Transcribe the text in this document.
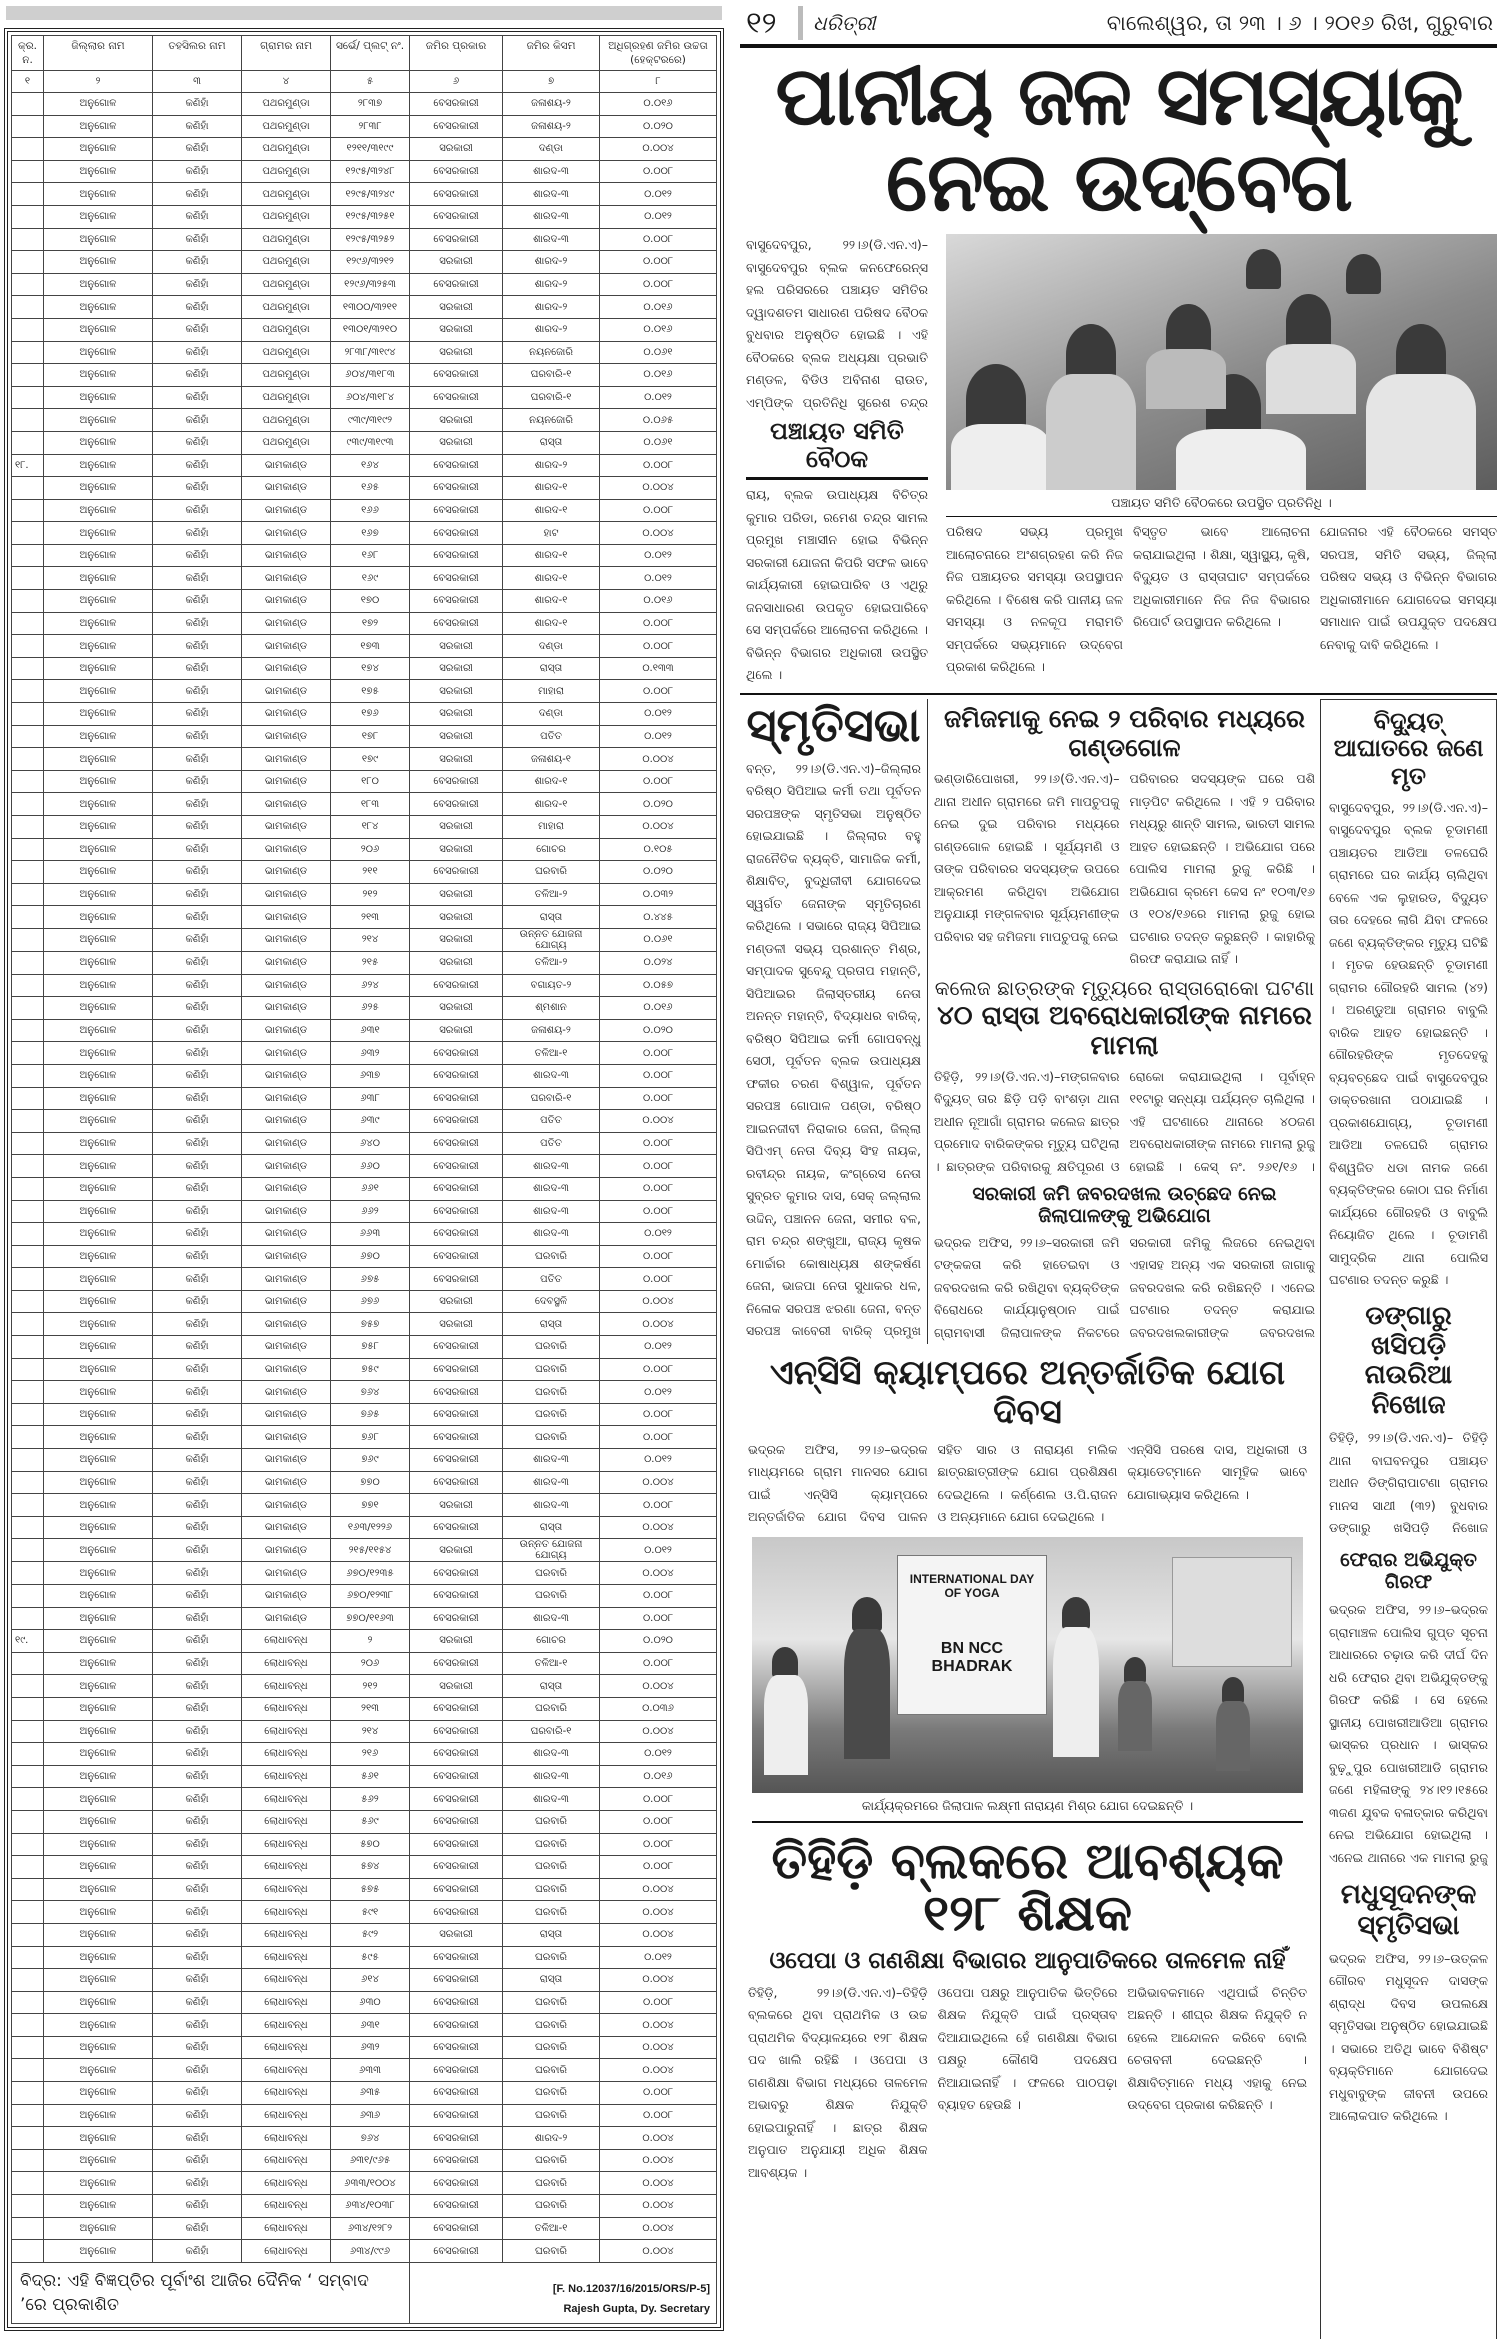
କ୍ର. ନ.	ଜିଲ୍ଲାର ନାମ	ତହସିଲର ନାମ	ଗ୍ରାମର ନାମ	ସର୍ଭେ/ ପ୍ଲଟ୍ ନଂ.	ଜମିର ପ୍ରକାର	ଜମିର କିସମ	ଅଧିଗ୍ରହଣ ଜମିର ଉଚ୍ଚତା (ହେକ୍ଟରରେ)
୧	୨	୩	୪	୫	୬	୭	୮
	ଅନୁଗୋଳ	କଣିହାଁ	ପଥରମୁଣ୍ଡା	୨୮୩୭	ବେସରକାରୀ	ଜଳାଶୟ-୨	୦.୦୧୬
	ଅନୁଗୋଳ	କଣିହାଁ	ପଥରମୁଣ୍ଡା	୨୮୩୮	ବେସରକାରୀ	ଜଳାଶୟ-୨	୦.୦୨୦
	ଅନୁଗୋଳ	କଣିହାଁ	ପଥରମୁଣ୍ଡା	୧୨୧୧/୩୧୯୯	ସରକାରୀ	ଦଣ୍ଡା	୦.୦୦୪
	ଅନୁଗୋଳ	କଣିହାଁ	ପଥରମୁଣ୍ଡା	୧୨୯୫/୩୨୪୮	ବେସରକାରୀ	ଶାରଦ-୩	୦.୦୦୮
	ଅନୁଗୋଳ	କଣିହାଁ	ପଥରମୁଣ୍ଡା	୧୨୯୫/୩୨୪୯	ବେସରକାରୀ	ଶାରଦ-୩	୦.୦୧୨
	ଅନୁଗୋଳ	କଣିହାଁ	ପଥରମୁଣ୍ଡା	୧୨୯୫/୩୨୫୧	ବେସରକାରୀ	ଶାରଦ-୩	୦.୦୧୨
	ଅନୁଗୋଳ	କଣିହାଁ	ପଥରମୁଣ୍ଡା	୧୨୯୫/୩୨୫୨	ବେସରକାରୀ	ଶାରଦ-୩	୦.୦୦୮
	ଅନୁଗୋଳ	କଣିହାଁ	ପଥରମୁଣ୍ଡା	୧୨୯୬/୩୨୧୨	ସରକାରୀ	ଶାରଦ-୨	୦.୦୦୮
	ଅନୁଗୋଳ	କଣିହାଁ	ପଥରମୁଣ୍ଡା	୧୨୯୬/୩୨୫୩	ବେସରକାରୀ	ଶାରଦ-୨	୦.୦୦୮
	ଅନୁଗୋଳ	କଣିହାଁ	ପଥରମୁଣ୍ଡା	୧୩୦୦/୩୨୧୧	ସରକାରୀ	ଶାରଦ-୨	୦.୦୧୬
	ଅନୁଗୋଳ	କଣିହାଁ	ପଥରମୁଣ୍ଡା	୧୩୦୧/୩୨୧୦	ସରକାରୀ	ଶାରଦ-୨	୦.୦୧୬
	ଅନୁଗୋଳ	କଣିହାଁ	ପଥରମୁଣ୍ଡା	୨୮୩୮/୩୧୯୪	ସରକାରୀ	ନୟନଜୋରି	୦.୦୬୧
	ଅନୁଗୋଳ	କଣିହାଁ	ପଥରମୁଣ୍ଡା	୬୦୪/୩୧୮୩	ବେସରକାରୀ	ଘରବାରି-୧	୦.୦୧୬
	ଅନୁଗୋଳ	କଣିହାଁ	ପଥରମୁଣ୍ଡା	୬୦୪/୩୧୮୪	ବେସରକାରୀ	ଘରବାରି-୧	୦.୦୧୨
	ଅନୁଗୋଳ	କଣିହାଁ	ପଥରମୁଣ୍ଡା	୯୩୯/୩୧୯୨	ସରକାରୀ	ନୟନଜୋରି	୦.୦୬୫
	ଅନୁଗୋଳ	କଣିହାଁ	ପଥରମୁଣ୍ଡା	୯୩୯/୩୧୯୩	ସରକାରୀ	ରାସ୍ତା	୦.୦୬୧
୧୮.	ଅନୁଗୋଳ	କଣିହାଁ	ଭାମକାଣ୍ଡ	୧୬୪	ବେସରକାରୀ	ଶାରଦ-୨	୦.୦୦୮
	ଅନୁଗୋଳ	କଣିହାଁ	ଭାମକାଣ୍ଡ	୧୬୫	ବେସରକାରୀ	ଶାରଦ-୧	୦.୦୦୪
	ଅନୁଗୋଳ	କଣିହାଁ	ଭାମକାଣ୍ଡ	୧୬୬	ବେସରକାରୀ	ଶାରଦ-୧	୦.୦୦୮
	ଅନୁଗୋଳ	କଣିହାଁ	ଭାମକାଣ୍ଡ	୧୬୭	ବେସରକାରୀ	ହାଟ	୦.୦୦୪
	ଅନୁଗୋଳ	କଣିହାଁ	ଭାମକାଣ୍ଡ	୧୬୮	ବେସରକାରୀ	ଶାରଦ-୧	୦.୦୧୨
	ଅନୁଗୋଳ	କଣିହାଁ	ଭାମକାଣ୍ଡ	୧୬୯	ବେସରକାରୀ	ଶାରଦ-୧	୦.୦୧୨
	ଅନୁଗୋଳ	କଣିହାଁ	ଭାମକାଣ୍ଡ	୧୭୦	ବେସରକାରୀ	ଶାରଦ-୧	୦.୦୧୬
	ଅନୁଗୋଳ	କଣିହାଁ	ଭାମକାଣ୍ଡ	୧୭୨	ବେସରକାରୀ	ଶାରଦ-୧	୦.୦୦୮
	ଅନୁଗୋଳ	କଣିହାଁ	ଭାମକାଣ୍ଡ	୧୭୩	ସରକାରୀ	ଦଣ୍ଡା	୦.୦୦୮
	ଅନୁଗୋଳ	କଣିହାଁ	ଭାମକାଣ୍ଡ	୧୭୪	ସରକାରୀ	ରାସ୍ତା	୦.୧୩୩
	ଅନୁଗୋଳ	କଣିହାଁ	ଭାମକାଣ୍ଡ	୧୭୫	ସରକାରୀ	ମାହାରା	୦.୦୦୮
	ଅନୁଗୋଳ	କଣିହାଁ	ଭାମକାଣ୍ଡ	୧୭୬	ସରକାରୀ	ଦଣ୍ଡା	୦.୦୧୨
	ଅନୁଗୋଳ	କଣିହାଁ	ଭାମକାଣ୍ଡ	୧୭୮	ସରକାରୀ	ପତିତ	୦.୦୧୨
	ଅନୁଗୋଳ	କଣିହାଁ	ଭାମକାଣ୍ଡ	୧୭୯	ସରକାରୀ	ଜଳାଶୟ-୧	୦.୦୦୪
	ଅନୁଗୋଳ	କଣିହାଁ	ଭାମକାଣ୍ଡ	୧୮୦	ବେସରକାରୀ	ଶାରଦ-୧	୦.୦୦୮
	ଅନୁଗୋଳ	କଣିହାଁ	ଭାମକାଣ୍ଡ	୧୮୩	ବେସରକାରୀ	ଶାରଦ-୧	୦.୦୨୦
	ଅନୁଗୋଳ	କଣିହାଁ	ଭାମକାଣ୍ଡ	୧୮୪	ସରକାରୀ	ମାହାରା	୦.୦୦୪
	ଅନୁଗୋଳ	କଣିହାଁ	ଭାମକାଣ୍ଡ	୨୦୬	ସରକାରୀ	ଗୋଚର	୦.୧୦୫
	ଅନୁଗୋଳ	କଣିହାଁ	ଭାମକାଣ୍ଡ	୨୧୧	ବେସରକାରୀ	ଘରବାରି	୦.୦୨୦
	ଅନୁଗୋଳ	କଣିହାଁ	ଭାମକାଣ୍ଡ	୨୧୨	ସରକାରୀ	ତଳିଆ-୨	୦.୦୩୨
	ଅନୁଗୋଳ	କଣିହାଁ	ଭାମକାଣ୍ଡ	୨୧୩	ସରକାରୀ	ରାସ୍ତା	୦.୪୪୫
	ଅନୁଗୋଳ	କଣିହାଁ	ଭାମକାଣ୍ଡ	୨୧୪	ସରକାରୀ	ଉନ୍ନତ ଯୋଜନା ଯୋଗ୍ୟ	୦.୦୬୧
	ଅନୁଗୋଳ	କଣିହାଁ	ଭାମକାଣ୍ଡ	୨୧୫	ସରକାରୀ	ତଳିଆ-୨	୦.୦୨୪
	ଅନୁଗୋଳ	କଣିହାଁ	ଭାମକାଣ୍ଡ	୬୨୪	ବେସରକାରୀ	ବଗାୟତ-୨	୦.୦୫୭
	ଅନୁଗୋଳ	କଣିହାଁ	ଭାମକାଣ୍ଡ	୬୨୫	ସରକାରୀ	ଶ୍ମଶାନ	୦.୦୧୬
	ଅନୁଗୋଳ	କଣିହାଁ	ଭାମକାଣ୍ଡ	୬୩୧	ସରକାରୀ	ଜଳାଶୟ-୨	୦.୦୨୦
	ଅନୁଗୋଳ	କଣିହାଁ	ଭାମକାଣ୍ଡ	୬୩୨	ବେସରକାରୀ	ତଳିଆ-୧	୦.୦୦୮
	ଅନୁଗୋଳ	କଣିହାଁ	ଭାମକାଣ୍ଡ	୬୩୭	ବେସରକାରୀ	ଶାରଦ-୩	୦.୦୦୮
	ଅନୁଗୋଳ	କଣିହାଁ	ଭାମକାଣ୍ଡ	୬୩୮	ବେସରକାରୀ	ଘରବାରି-୧	୦.୦୦୮
	ଅନୁଗୋଳ	କଣିହାଁ	ଭାମକାଣ୍ଡ	୬୩୯	ବେସରକାରୀ	ପତିତ	୦.୦୦୪
	ଅନୁଗୋଳ	କଣିହାଁ	ଭାମକାଣ୍ଡ	୬୪୦	ବେସରକାରୀ	ପତିତ	୦.୦୦୮
	ଅନୁଗୋଳ	କଣିହାଁ	ଭାମକାଣ୍ଡ	୬୬୦	ବେସରକାରୀ	ଶାରଦ-୩	୦.୦୦୮
	ଅନୁଗୋଳ	କଣିହାଁ	ଭାମକାଣ୍ଡ	୬୬୧	ବେସରକାରୀ	ଶାରଦ-୩	୦.୦୦୮
	ଅନୁଗୋଳ	କଣିହାଁ	ଭାମକାଣ୍ଡ	୬୬୨	ବେସରକାରୀ	ଶାରଦ-୩	୦.୦୦୮
	ଅନୁଗୋଳ	କଣିହାଁ	ଭାମକାଣ୍ଡ	୬୬୩	ବେସରକାରୀ	ଶାରଦ-୩	୦.୦୧୨
	ଅନୁଗୋଳ	କଣିହାଁ	ଭାମକାଣ୍ଡ	୬୭୦	ବେସରକାରୀ	ଘରବାରି	୦.୦୦୮
	ଅନୁଗୋଳ	କଣିହାଁ	ଭାମକାଣ୍ଡ	୬୭୫	ବେସରକାରୀ	ପତିତ	୦.୦୦୮
	ଅନୁଗୋଳ	କଣିହାଁ	ଭାମକାଣ୍ଡ	୬୭୬	ସରକାରୀ	ଦେବସ୍ଥଳି	୦.୦୦୪
	ଅନୁଗୋଳ	କଣିହାଁ	ଭାମକାଣ୍ଡ	୭୫୭	ସରକାରୀ	ରାସ୍ତା	୦.୦୦୪
	ଅନୁଗୋଳ	କଣିହାଁ	ଭାମକାଣ୍ଡ	୭୫୮	ବେସରକାରୀ	ଘରବାରି	୦.୦୧୨
	ଅନୁଗୋଳ	କଣିହାଁ	ଭାମକାଣ୍ଡ	୭୫୯	ବେସରକାରୀ	ଘରବାରି	୦.୦୦୮
	ଅନୁଗୋଳ	କଣିହାଁ	ଭାମକାଣ୍ଡ	୭୬୪	ବେସରକାରୀ	ଘରବାରି	୦.୦୧୨
	ଅନୁଗୋଳ	କଣିହାଁ	ଭାମକାଣ୍ଡ	୭୬୫	ବେସରକାରୀ	ଘରବାରି	୦.୦୦୮
	ଅନୁଗୋଳ	କଣିହାଁ	ଭାମକାଣ୍ଡ	୭୬୮	ବେସରକାରୀ	ଘରବାରି	୦.୦୦୮
	ଅନୁଗୋଳ	କଣିହାଁ	ଭାମକାଣ୍ଡ	୭୬୯	ବେସରକାରୀ	ଶାରଦ-୩	୦.୦୧୨
	ଅନୁଗୋଳ	କଣିହାଁ	ଭାମକାଣ୍ଡ	୭୭୦	ବେସରକାରୀ	ଶାରଦ-୩	୦.୦୦୪
	ଅନୁଗୋଳ	କଣିହାଁ	ଭାମକାଣ୍ଡ	୭୭୧	ସରକାରୀ	ଶାରଦ-୩	୦.୦୦୮
	ଅନୁଗୋଳ	କଣିହାଁ	ଭାମକାଣ୍ଡ	୧୬୩/୧୨୨୬	ବେସରକାରୀ	ରାସ୍ତା	୦.୦୦୪
	ଅନୁଗୋଳ	କଣିହାଁ	ଭାମକାଣ୍ଡ	୨୧୫/୧୧୫୪	ସରକାରୀ	ଉନ୍ନତ ଯୋଜନା ଯୋଗ୍ୟ	୦.୦୧୨
	ଅନୁଗୋଳ	କଣିହାଁ	ଭାମକାଣ୍ଡ	୬୭୦/୧୨୩୫	ବେସରକାରୀ	ଘରବାରି	୦.୦୦୪
	ଅନୁଗୋଳ	କଣିହାଁ	ଭାମକାଣ୍ଡ	୬୭୦/୧୨୩୮	ବେସରକାରୀ	ଘରବାରି	୦.୦୦୮
	ଅନୁଗୋଳ	କଣିହାଁ	ଭାମକାଣ୍ଡ	୭୭୦/୧୧୬୩	ବେସରକାରୀ	ଶାରଦ-୩	୦.୦୦୮
୧୯.	ଅନୁଗୋଳ	କଣିହାଁ	ଲୋଧାବନ୍ଧ	୨	ସରକାରୀ	ଗୋଚର	୦.୦୨୦
	ଅନୁଗୋଳ	କଣିହାଁ	ଲୋଧାବନ୍ଧ	୨୦୬	ବେସରକାରୀ	ତଳିଆ-୧	୦.୦୦୮
	ଅନୁଗୋଳ	କଣିହାଁ	ଲୋଧାବନ୍ଧ	୨୧୨	ସରକାରୀ	ରାସ୍ତା	୦.୦୦୪
	ଅନୁଗୋଳ	କଣିହାଁ	ଲୋଧାବନ୍ଧ	୨୧୩	ବେସରକାରୀ	ଘରବାରି	୦.୦୩୬
	ଅନୁଗୋଳ	କଣିହାଁ	ଲୋଧାବନ୍ଧ	୨୧୪	ବେସରକାରୀ	ଘରବାରି-୧	୦.୦୦୪
	ଅନୁଗୋଳ	କଣିହାଁ	ଲୋଧାବନ୍ଧ	୨୧୬	ବେସରକାରୀ	ଶାରଦ-୩	୦.୦୧୨
	ଅନୁଗୋଳ	କଣିହାଁ	ଲୋଧାବନ୍ଧ	୫୬୧	ବେସରକାରୀ	ଶାରଦ-୩	୦.୦୧୬
	ଅନୁଗୋଳ	କଣିହାଁ	ଲୋଧାବନ୍ଧ	୫୬୨	ବେସରକାରୀ	ଶାରଦ-୩	୦.୦୦୮
	ଅନୁଗୋଳ	କଣିହାଁ	ଲୋଧାବନ୍ଧ	୫୬୯	ବେସରକାରୀ	ଘରବାରି	୦.୦୦୮
	ଅନୁଗୋଳ	କଣିହାଁ	ଲୋଧାବନ୍ଧ	୫୭୦	ବେସରକାରୀ	ଘରବାରି	୦.୦୦୮
	ଅନୁଗୋଳ	କଣିହାଁ	ଲୋଧାବନ୍ଧ	୫୭୪	ବେସରକାରୀ	ଘରବାରି	୦.୦୦୮
	ଅନୁଗୋଳ	କଣିହାଁ	ଲୋଧାବନ୍ଧ	୫୭୫	ବେସରକାରୀ	ଘରବାରି	୦.୦୦୪
	ଅନୁଗୋଳ	କଣିହାଁ	ଲୋଧାବନ୍ଧ	୫୯୧	ବେସରକାରୀ	ଘରବାରି	୦.୦୦୪
	ଅନୁଗୋଳ	କଣିହାଁ	ଲୋଧାବନ୍ଧ	୫୯୨	ସରକାରୀ	ରାସ୍ତା	୦.୦୦୪
	ଅନୁଗୋଳ	କଣିହାଁ	ଲୋଧାବନ୍ଧ	୫୯୫	ବେସରକାରୀ	ଘରବାରି	୦.୦୧୨
	ଅନୁଗୋଳ	କଣିହାଁ	ଲୋଧାବନ୍ଧ	୬୧୪	ବେସରକାରୀ	ରାସ୍ତା	୦.୦୦୪
	ଅନୁଗୋଳ	କଣିହାଁ	ଲୋଧାବନ୍ଧ	୬୩୦	ବେସରକାରୀ	ଘରବାରି	୦.୦୦୮
	ଅନୁଗୋଳ	କଣିହାଁ	ଲୋଧାବନ୍ଧ	୬୩୧	ବେସରକାରୀ	ଘରବାରି	୦.୦୦୪
	ଅନୁଗୋଳ	କଣିହାଁ	ଲୋଧାବନ୍ଧ	୬୩୨	ବେସରକାରୀ	ଘରବାରି	୦.୦୦୪
	ଅନୁଗୋଳ	କଣିହାଁ	ଲୋଧାବନ୍ଧ	୬୩୩	ବେସରକାରୀ	ଘରବାରି	୦.୦୦୪
	ଅନୁଗୋଳ	କଣିହାଁ	ଲୋଧାବନ୍ଧ	୬୩୫	ବେସରକାରୀ	ଘରବାରି	୦.୦୦୮
	ଅନୁଗୋଳ	କଣିହାଁ	ଲୋଧାବନ୍ଧ	୬୩୬	ବେସରକାରୀ	ଘରବାରି	୦.୦୦୮
	ଅନୁଗୋଳ	କଣିହାଁ	ଲୋଧାବନ୍ଧ	୭୬୪	ବେସରକାରୀ	ଶାରଦ-୨	୦.୦୦୪
	ଅନୁଗୋଳ	କଣିହାଁ	ଲୋଧାବନ୍ଧ	୬୩୧/୯୬୫	ବେସରକାରୀ	ଘରବାରି	୦.୦୦୪
	ଅନୁଗୋଳ	କଣିହାଁ	ଲୋଧାବନ୍ଧ	୬୩୩/୧୦୦୪	ବେସରକାରୀ	ଘରବାରି	୦.୦୦୪
	ଅନୁଗୋଳ	କଣିହାଁ	ଲୋଧାବନ୍ଧ	୬୩୪/୧୦୩୮	ବେସରକାରୀ	ଘରବାରି	୦.୦୦୪
	ଅନୁଗୋଳ	କଣିହାଁ	ଲୋଧାବନ୍ଧ	୬୩୪/୧୨୮୨	ବେସରକାରୀ	ତଳିଆ-୧	୦.୦୦୪
	ଅନୁଗୋଳ	କଣିହାଁ	ଲୋଧାବନ୍ଧ	୬୩୪/୯୯୬	ବେସରକାରୀ	ଘରବାରି	୦.୦୦୪
ବିଦ୍ର: ଏହି ବିଜ୍ଞପ୍ତିର ପୂର୍ବାଂଶ ଆଜିର ଦୈନିକ ‘ ସମ୍ବାଦ ’ରେ ପ୍ରକାଶିତ					[F. No.12037/16/2015/ORS/P-5]
Rajesh Gupta, Dy. Secretary		
୧୨	ଧରିତ୍ରୀ	ବାଲେଶ୍ୱର, ତା ୨୩ । ୬ । ୨୦୧୬ ରିଖ, ଗୁରୁବାର
ପାନୀୟ ଜଳ ସମସ୍ୟାକୁ ନେଇ ଉଦ୍‌ବେଗ
ବାସୁଦେବପୁର, ୨୨।୬(ଡି.ଏନ.ଏ)– ବାସୁଦେବପୁର ବ୍ଲକ କନଫେରେନ୍ସ ହଲ ପରିସରରେ ପଞ୍ଚାୟତ ସମିତିର ଦ୍ୱାଦଶତମ ସାଧାରଣ ପରିଷଦ ବୈଠକ ବୁଧବାର ଅନୁଷ୍ଠିତ ହୋଇଛି । ଏହି ବୈଠକରେ ବ୍ଲକ ଅଧ୍ୟକ୍ଷା ପ୍ରଭାତି ମଣ୍ଡଳ, ବିଡିଓ ଅବିନାଶ ରାଉତ, ଏମ୍‌ପିଙ୍କ ପ୍ରତିନିଧି ସୁରେଶ ଚନ୍ଦ୍ର
ପଞ୍ଚାୟତ ସମିତି ବୈଠକ
ରାୟ, ବ୍ଲକ ଉପାଧ୍ୟକ୍ଷ ବିଚିତ୍ର କୁମାର ପରିଡା, ରମେଶ ଚନ୍ଦ୍ର ସାମଲ ପ୍ରମୁଖ ମଞ୍ଚାସୀନ ହୋଇ ବିଭିନ୍ନ ସରକାରୀ ଯୋଜନା କିପରି ସଫଳ ଭାବେ କାର୍ଯ୍ୟକାରୀ ହୋଇପାରିବ ଓ ଏଥିରୁ ଜନସାଧାରଣ ଉପକୃତ ହୋଇପାରିବେ ସେ ସମ୍ପର୍କରେ ଆଲୋଚନା କରିଥିଲେ । ବିଭିନ୍ନ ବିଭାଗର ଅଧିକାରୀ ଉପସ୍ଥିତ ଥିଲେ ।
ପଞ୍ଚାୟତ ସମିତି ବୈଠକରେ ଉପସ୍ଥିତ ପ୍ରତିନିଧି ।
ପରିଷଦ ସଭ୍ୟ ପ୍ରମୁଖ ଆଲୋଚନାରେ ଅଂଶଗ୍ରହଣ କରି ନିଜ ନିଜ ପଞ୍ଚାୟତର ସମସ୍ୟା ଉପସ୍ଥାପନ କରିଥିଲେ । ବିଶେଷ କରି ପାନୀୟ ଜଳ ସମସ୍ୟା ଓ ନଳକୂପ ମରାମତି ସମ୍ପର୍କରେ ସଭ୍ୟମାନେ ଉଦ୍‌ବେଗ ପ୍ରକାଶ କରିଥିଲେ ।
ବିସ୍ତୃତ ଭାବେ ଆଲୋଚନା କରାଯାଇଥିଲା । ଶିକ୍ଷା, ସ୍ୱାସ୍ଥ୍ୟ, କୃଷି, ବିଦ୍ୟୁତ ଓ ରାସ୍ତାଘାଟ ସମ୍ପର୍କରେ ଅଧିକାରୀମାନେ ନିଜ ନିଜ ବିଭାଗର ରିପୋର୍ଟ ଉପସ୍ଥାପନ କରିଥିଲେ ।
ଯୋଜନାର ଏହି ବୈଠକରେ ସମସ୍ତ ସରପଞ୍ଚ, ସମିତି ସଭ୍ୟ, ଜିଲ୍ଲା ପରିଷଦ ସଭ୍ୟ ଓ ବିଭିନ୍ନ ବିଭାଗର ଅଧିକାରୀମାନେ ଯୋଗଦେଇ ସମସ୍ୟା ସମାଧାନ ପାଇଁ ଉପଯୁକ୍ତ ପଦକ୍ଷେପ ନେବାକୁ ଦାବି କରିଥିଲେ ।
ସ୍ମୃତିସଭା
ବନ୍ତ, ୨୨।୬(ଡି.ଏନ.ଏ)–ଜିଲ୍ଲାର ବରିଷ୍ଠ ସିପିଆଇ କର୍ମୀ ତଥା ପୂର୍ବତନ ସରପଞ୍ଚଙ୍କ ସ୍ମୃତିସଭା ଅନୁଷ୍ଠିତ ହୋଇଯାଇଛି । ଜିଲ୍ଲାର ବହୁ ରାଜନୈତିକ ବ୍ୟକ୍ତି, ସାମାଜିକ କର୍ମୀ, ଶିକ୍ଷାବିତ୍, ବୁଦ୍ଧିଜୀବୀ ଯୋଗଦେଇ ସ୍ୱର୍ଗତ ଜେନାଙ୍କ ସ୍ମୃତିଚାରଣ କରିଥିଲେ । ସଭାରେ ରାଜ୍ୟ ସିପିଆଇ ମଣ୍ଡଳୀ ସଭ୍ୟ ପ୍ରଶାନ୍ତ ମିଶ୍ର, ସମ୍ପାଦକ ସୁବେନ୍ଦୁ ପ୍ରତାପ ମହାନ୍ତି, ସିପିଆଇର ଜିଲାସ୍ତରୀୟ ନେତା ଅନନ୍ତ ମହାନ୍ତି, ବିଦ୍ୟାଧର ବାରିକ୍, ବରିଷ୍ଠ ସିପିଆଇ କର୍ମୀ ଗୋପବନ୍ଧୁ ସେଠୀ, ପୂର୍ବତନ ବ୍ଲକ ଉପାଧ୍ୟକ୍ଷ ଫକୀର ଚରଣ ବିଶ୍ୱାଳ, ପୂର୍ବତନ ସରପଞ୍ଚ ଗୋପାଳ ପଣ୍ଡା, ବରିଷ୍ଠ ଆଇନଜୀବୀ ନିରାକାର ଜେନା, ଜିଲ୍ଲା ସିପିଏମ୍ ନେତା ଦିବ୍ୟ ସିଂହ ନାୟକ, ରବୀନ୍ଦ୍ର ନାୟକ, କଂଗ୍ରେସ ନେତା ସୁବ୍ରତ କୁମାର ଦାସ, ସେକ୍ ଜଲ୍ଲାଲ ଉଦ୍ଦିନ୍, ପଞ୍ଚାନନ ଜେନା, ସମୀର ବଳ, ରାମ ଚନ୍ଦ୍ର ଶଙ୍ଖୁଆ, ରାଜ୍ୟ କୃଷକ ମୋର୍ଚ୍ଚାର କୋଷାଧ୍ୟକ୍ଷ ଶଙ୍କର୍ଷଣ ଜେନା, ଭାଜପା ନେତା ସୁଧାକର ଧଳ, ନିଳୋକ ସରପଞ୍ଚ ଝରଣା ଜେନା, ବନ୍ତ ସରପଞ୍ଚ କାବେରୀ ବାରିକ୍ ପ୍ରମୁଖ
ଜମିଜମାକୁ ନେଇ ୨ ପରିବାର ମଧ୍ୟରେ ଗଣ୍ଡଗୋଳ
ଭଣ୍ଡାରିପୋଖରୀ, ୨୨।୬(ଡି.ଏନ.ଏ)– ଥାନା ଅଧୀନ ଗ୍ରାମରେ ଜମି ମାପଚୁପକୁ ନେଇ ଦୁଇ ପରିବାର ମଧ୍ୟରେ ଗଣ୍ଡଗୋଳ ହୋଇଛି । ସୂର୍ଯ୍ୟମଣି ଓ ତାଙ୍କ ପରିବାରର ସଦସ୍ୟଙ୍କ ଉପରେ ଆକ୍ରମଣ କରିଥିବା ଅଭିଯୋଗ ଅନୁଯାୟୀ ମଙ୍ଗଳବାର ସୂର୍ଯ୍ୟମଣୀଙ୍କ ପରିବାର ସହ ଜମିଜମା ମାପଚୁପକୁ ନେଇ
ପରିବାରର ସଦସ୍ୟଙ୍କ ଘରେ ପଶି ମାଡ଼ପିଟ କରିଥିଲେ । ଏହି ୨ ପରିବାର ମଧ୍ୟରୁ ଶାନ୍ତି ସାମଲ, ଭାରତୀ ସାମଲ ଆହତ ହୋଇଛନ୍ତି । ଅଭିଯୋଗ ପରେ ପୋଲିସ ମାମଲା ରୁଜୁ କରିଛି । ଅଭିଯୋଗ କ୍ରମେ କେସ ନଂ ୧୦୩/୧୬ ଓ ୧୦୪/୧୬ରେ ମାମଲା ରୁଜୁ ହୋଇ ଘଟଣାର ତଦନ୍ତ କରୁଛନ୍ତି । କାହାରିକୁ ଗିରଫ କରାଯାଇ ନାହିଁ ।
କଲେଜ ଛାତ୍ରଙ୍କ ମୃତ୍ୟୁରେ ରାସ୍ତାରୋକୋ ଘଟଣା
୪୦ ରାସ୍ତା ଅବରୋଧକାରୀଙ୍କ ନାମରେ ମାମଲା
ତିହିଡ଼ି, ୨୨।୬(ଡି.ଏନ.ଏ)–ମଙ୍ଗଳବାର ବିଦ୍ୟୁତ୍ ତାର ଛିଡ଼ି ପଡ଼ି ବାଂଶଡ଼ା ଥାନା ଅଧୀନ ନୂଆଗାଁ ଗ୍ରାମର କଲେଜ ଛାତ୍ର ପ୍ରମୋଦ ବାରିକଙ୍କର ମୃତ୍ୟୁ ଘଟିଥିଲା । ଛାତ୍ରଙ୍କ ପରିବାରକୁ କ୍ଷତିପୂରଣ ଓ
ରୋକୋ କରାଯାଇଥିଲା । ପୂର୍ବାହ୍ନ ୧୧ଟାରୁ ସନ୍ଧ୍ୟା ପର୍ଯ୍ୟନ୍ତ ଚାଲିଥିଲା । ଏହି ଘଟଣାରେ ଥାନାରେ ୪୦ଜଣ ଅବରୋଧକାରୀଙ୍କ ନାମରେ ମାମଲା ରୁଜୁ ହୋଇଛି । କେସ୍ ନଂ. ୨୬୧/୧୬ ।
ସରକାରୀ ଜମି ଜବରଦଖଲ ଉଚ୍ଛେଦ ନେଇ ଜିଲାପାଳଙ୍କୁ ଅଭିଯୋଗ
ଭଦ୍ରକ ଅଫିସ, ୨୨।୬–ସରକାରୀ ଜମି ଟଙ୍କକତା କରି ହାତେଇବା ଓ ଜବରଦଖଲ କରି ରଖିଥିବା ବ୍ୟକ୍ତିଙ୍କ ବିରୋଧରେ କାର୍ଯ୍ୟାନୁଷ୍ଠାନ ପାଇଁ ଗ୍ରାମବାସୀ ଜିଲାପାଳଙ୍କ ନିକଟରେ
ସରକାରୀ ଜମିକୁ ଲିଜରେ ନେଇଥିବା ଏହାସହ ଅନ୍ୟ ଏକ ସରକାରୀ ଜାଗାକୁ ଜବରଦଖଲ କରି ରଖିଛନ୍ତି । ଏନେଇ ଘଟଣାର ତଦନ୍ତ କରାଯାଇ ଜବରଦଖଲକାରୀଙ୍କ ଜବରଦଖଲ
ଏନ୍‌ସିସି କ୍ୟାମ୍ପରେ ଅନ୍ତର୍ଜାତିକ ଯୋଗ ଦିବସ
ଭଦ୍ରକ ଅଫିସ, ୨୨।୬–ଭଦ୍ରକ ମାଧ୍ୟମରେ ଗ୍ରାମ ମାନସର ଯୋଗ ପାଇଁ ଏନ୍‌ସିସି କ୍ୟାମ୍ପରେ ଅନ୍ତର୍ଜାତିକ ଯୋଗ ଦିବସ ପାଳନ
ସହିତ ସାର ଓ ନାରାୟଣ ମଲିକ ଛାତ୍ରଛାତ୍ରୀଙ୍କ ଯୋଗ ପ୍ରଶିକ୍ଷଣ ଦେଇଥିଲେ । କର୍ଣ୍ଣେଲ ଓ.ପି.ରାଜନ ଓ ଅନ୍ୟମାନେ ଯୋଗ ଦେଇଥିଲେ ।
ଏନ୍‌ସିସି ପରଷେ ଦାସ, ଅଧିକାରୀ ଓ କ୍ୟାଡେଟ୍‌ମାନେ ସାମୂହିକ ଭାବେ ଯୋଗାଭ୍ୟାସ କରିଥିଲେ ।
INTERNATIONAL DAY OF YOGA
BN NCC BHADRAK
କାର୍ଯ୍ୟକ୍ରମରେ ଜିଲାପାଳ ଲକ୍ଷ୍ମୀ ନାରାୟଣ ମିଶ୍ର ଯୋଗ ଦେଇଛନ୍ତି ।
ତିହିଡ଼ି ବ୍ଲକରେ ଆବଶ୍ୟକ ୧୨୮ ଶିକ୍ଷକ
ଓପେପା ଓ ଗଣଶିକ୍ଷା ବିଭାଗର ଆନୁପାତିକରେ ତାଳମେଳ ନାହିଁ
ତିହିଡ଼ି, ୨୨।୬(ଡି.ଏନ.ଏ)–ତିହିଡ଼ି ବ୍ଲକରେ ଥିବା ପ୍ରାଥମିକ ଓ ଉଚ୍ଚ ପ୍ରାଥମିକ ବିଦ୍ୟାଳୟରେ ୧୨୮ ଶିକ୍ଷକ ପଦ ଖାଲି ରହିଛି । ଓପେପା ଓ ଗଣଶିକ୍ଷା ବିଭାଗ ମଧ୍ୟରେ ତାଳମେଳ ଅଭାବରୁ ଶିକ୍ଷକ ନିଯୁକ୍ତି ହୋଇପାରୁନାହିଁ । ଛାତ୍ର ଶିକ୍ଷକ ଅନୁପାତ ଅନୁଯାୟୀ ଅଧିକ ଶିକ୍ଷକ ଆବଶ୍ୟକ ।
ଓପେପା ପକ୍ଷରୁ ଆନୁପାତିକ ଭିତ୍ତିରେ ଶିକ୍ଷକ ନିଯୁକ୍ତି ପାଇଁ ପ୍ରସ୍ତାବ ଦିଆଯାଇଥିଲେ ହେଁ ଗଣଶିକ୍ଷା ବିଭାଗ ପକ୍ଷରୁ କୌଣସି ପଦକ୍ଷେପ ନିଆଯାଇନାହିଁ । ଫଳରେ ପାଠପଢ଼ା ବ୍ୟାହତ ହେଉଛି ।
ଅଭିଭାବକମାନେ ଏଥିପାଇଁ ଚିନ୍ତିତ ଅଛନ୍ତି । ଶୀଘ୍ର ଶିକ୍ଷକ ନିଯୁକ୍ତି ନ ହେଲେ ଆନ୍ଦୋଳନ କରିବେ ବୋଲି ଚେତାବନୀ ଦେଇଛନ୍ତି । ଶିକ୍ଷାବିତ୍‌ମାନେ ମଧ୍ୟ ଏହାକୁ ନେଇ ଉଦ୍‌ବେଗ ପ୍ରକାଶ କରିଛନ୍ତି ।
ବିଦ୍ୟୁତ୍ ଆଘାତରେ ଜଣେ ମୃତ
ବାସୁଦେବପୁର, ୨୨।୬(ଡି.ଏନ.ଏ)–ବାସୁଦେବପୁର ବ୍ଲକ ଚୂଡାମଣୀ ପଞ୍ଚାୟତର ଆଡିଆ ତଳଘେରି ଗ୍ରାମରେ ଘର କାର୍ଯ୍ୟ ଚାଲିଥିବା ବେଳେ ଏକ ଲୁହାରଡ, ବିଦ୍ୟୁତ ତାର ଦେହରେ ଲାଗି ଯିବା ଫଳରେ ଜଣେ ବ୍ୟକ୍ତିଙ୍କର ମୃତ୍ୟୁ ଘଟିଛି । ମୃତକ ହେଉଛନ୍ତି ଚୂଡାମଣୀ ଗ୍ରାମର ଗୌରହରି ସାମଲ (୪୨) । ଅରଣ୍ଡୁଆ ଗ୍ରାମର ବାବୁଲି ବାରିକ ଆହତ ହୋଇଛନ୍ତି । ଗୌରହରିଙ୍କ ମୃତଦେହକୁ ବ୍ୟବଚ୍ଛେଦ ପାଇଁ ବାସୁଦେବପୁର ଡାକ୍ତରଖାନା ପଠାଯାଇଛି । ପ୍ରକାଶଯୋଗ୍ୟ, ଚୂଡାମଣୀ ଆଡିଆ ତଳଘେରି ଗ୍ରାମର ବିଶ୍ୱଜିତ ଧଡା ନାମକ ଜଣେ ବ୍ୟକ୍ତିଙ୍କର କୋଠା ଘର ନିର୍ମାଣ କାର୍ଯ୍ୟରେ ଗୌରହରି ଓ ବାବୁଲି ନିୟୋଜିତ ଥିଲେ । ଚୂଡାମଣି ସାମୁଦ୍ରିକ ଥାନା ପୋଲିସ ଘଟଣାର ତଦନ୍ତ କରୁଛି ।
ଡଙ୍ଗାରୁ ଖସିପଡ଼ି ନାଉରିଆ ନିଖୋଜ
ତିହିଡ଼ି, ୨୨।୬(ଡି.ଏନ.ଏ)– ତିହିଡ଼ି ଥାନା ବାଘବନପୁର ପଞ୍ଚାୟତ ଅଧୀନ ଡିଙ୍ଗିରାପାଟଣା ଗ୍ରାମର ମାନସ ସାଥୀ (୩୨) ବୁଧବାର ଡଙ୍ଗାରୁ ଖସିପଡ଼ି ନିଖୋଜ
ଫେରାର ଅଭିଯୁକ୍ତ ଗିରଫ
ଭଦ୍ରକ ଅଫିସ, ୨୨।୬–ଭଦ୍ରକ ଗ୍ରାମାଞ୍ଚଳ ପୋଲିସ ଗୁପ୍ତ ସୂଚନା ଆଧାରରେ ଚଢ଼ାଉ କରି ଦୀର୍ଘ ଦିନ ଧରି ଫେରାର ଥିବା ଅଭିଯୁକ୍ତଙ୍କୁ ଗିରଫ କରିଛି । ସେ ହେଲେ ସ୍ଥାନୀୟ ପୋଖରୀଆଡିଆ ଗ୍ରାମର ଭାସ୍କର ପ୍ରଧାନ । ଭାସ୍କର ବୁଢ଼ୁପୁର ପୋଖରୀଆଡି ଗ୍ରାମର ଜଣେ ମହିଳାଙ୍କୁ ୨୪।୧୨।୧୫ରେ ୩ଜଣ ଯୁବକ ବଳାତ୍କାର କରିଥିବା ନେଇ ଅଭିଯୋଗ ହୋଇଥିଲା । ଏନେଇ ଥାନାରେ ଏକ ମାମଲା ରୁଜୁ
ମଧୁସୂଦନଙ୍କ ସ୍ମୃତିସଭା
ଭଦ୍ରକ ଅଫିସ, ୨୨।୬–ଉତ୍କଳ ଗୌରବ ମଧୁସୂଦନ ଦାସଙ୍କ ଶ୍ରାଦ୍ଧ ଦିବସ ଉପଲକ୍ଷେ ସ୍ମୃତିସଭା ଅନୁଷ୍ଠିତ ହୋଇଯାଇଛି । ସଭାରେ ଅତିଥି ଭାବେ ବିଶିଷ୍ଟ ବ୍ୟକ୍ତିମାନେ ଯୋଗଦେଇ ମଧୁବାବୁଙ୍କ ଜୀବନୀ ଉପରେ ଆଲୋକପାତ କରିଥିଲେ ।
